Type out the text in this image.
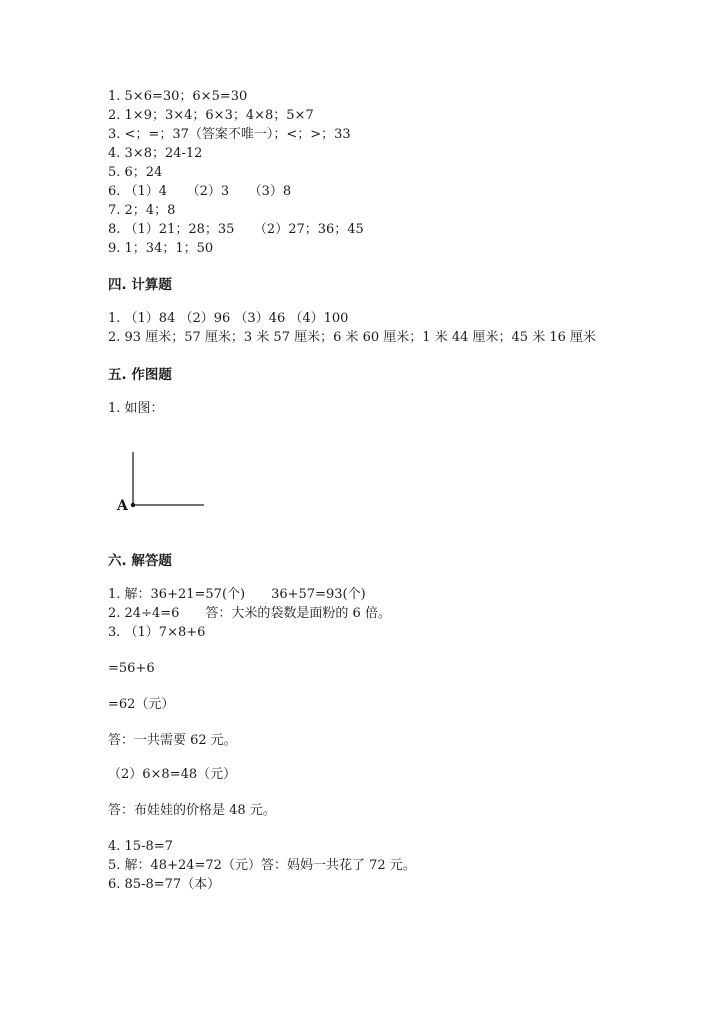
1. 5×6=30；6×5=30
2. 1×9；3×4；6×3；4×8；5×7
3. <；=；37（答案不唯一）；<；>；33
4. 3×8；24-12
5. 6；24
6. （1）4　　（2）3　　（3）8
7. 2；4；8
8. （1）21；28；35　　（2）27；36；45
9. 1；34；1；50
四. 计算题
1. （1）84 （2）96 （3）46 （4）100
2. 93 厘米；57 厘米；3 米 57 厘米；6 米 60 厘米；1 米 44 厘米；45 米 16 厘米
五. 作图题
1. 如图：
A
六. 解答题
1. 解：36+21=57(个)　　36+57=93(个)
2. 24÷4=6　　答：大米的袋数是面粉的 6 倍。
3. （1）7×8+6
=56+6
=62（元）
答：一共需要 62 元。
（2）6×8=48（元）
答：布娃娃的价格是 48 元。
4. 15-8=7
5. 解：48+24=72（元）答：妈妈一共花了 72 元。
6. 85-8=77（本）
